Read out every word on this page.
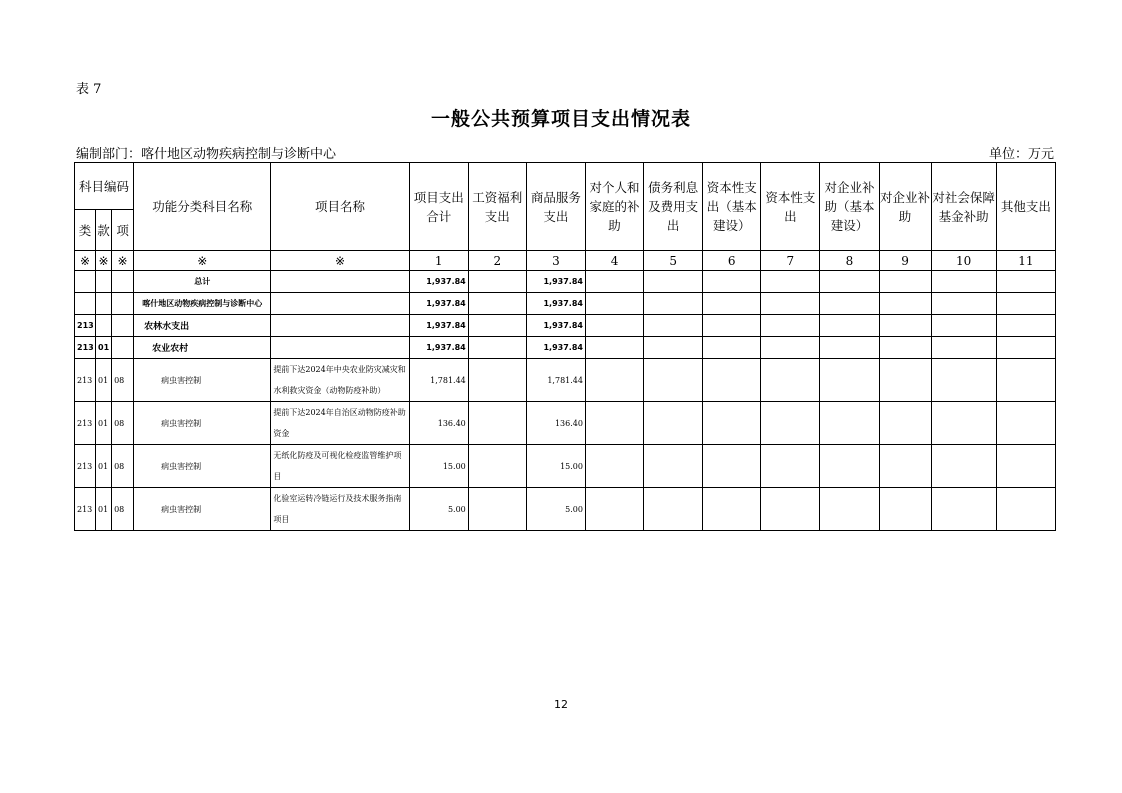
表 7
一般公共预算项目支出情况表
编制部门：喀什地区动物疾病控制与诊断中心	单位：万元
科目编码			功能分类科目名称	项目名称	项目支出合计	工资福利支出	商品服务支出	对个人和家庭的补助	债务利息及费用支出	资本性支出（基本建设）	资本性支出	对企业补助（基本建设）	对企业补助	对社会保障基金补助	其他支出
类	款	项													
※	※	※	※	※	1	2	3	4	5	6	7	8	9	10	11
			总计		1,937.84		1,937.84								
			喀什地区动物疾病控制与诊断中心		1,937.84		1,937.84								
213			农林水支出		1,937.84		1,937.84								
213	01		农业农村		1,937.84		1,937.84								
213	01	08	病虫害控制	提前下达2024年中央农业防灾减灾和水利救灾资金（动物防疫补助）	1,781.44		1,781.44								
213	01	08	病虫害控制	提前下达2024年自治区动物防疫补助资金	136.40		136.40								
213	01	08	病虫害控制	无纸化防疫及可视化检疫监管维护项目	15.00		15.00								
213	01	08	病虫害控制	化验室运转冷链运行及技术服务指南项目	5.00		5.00								
12
